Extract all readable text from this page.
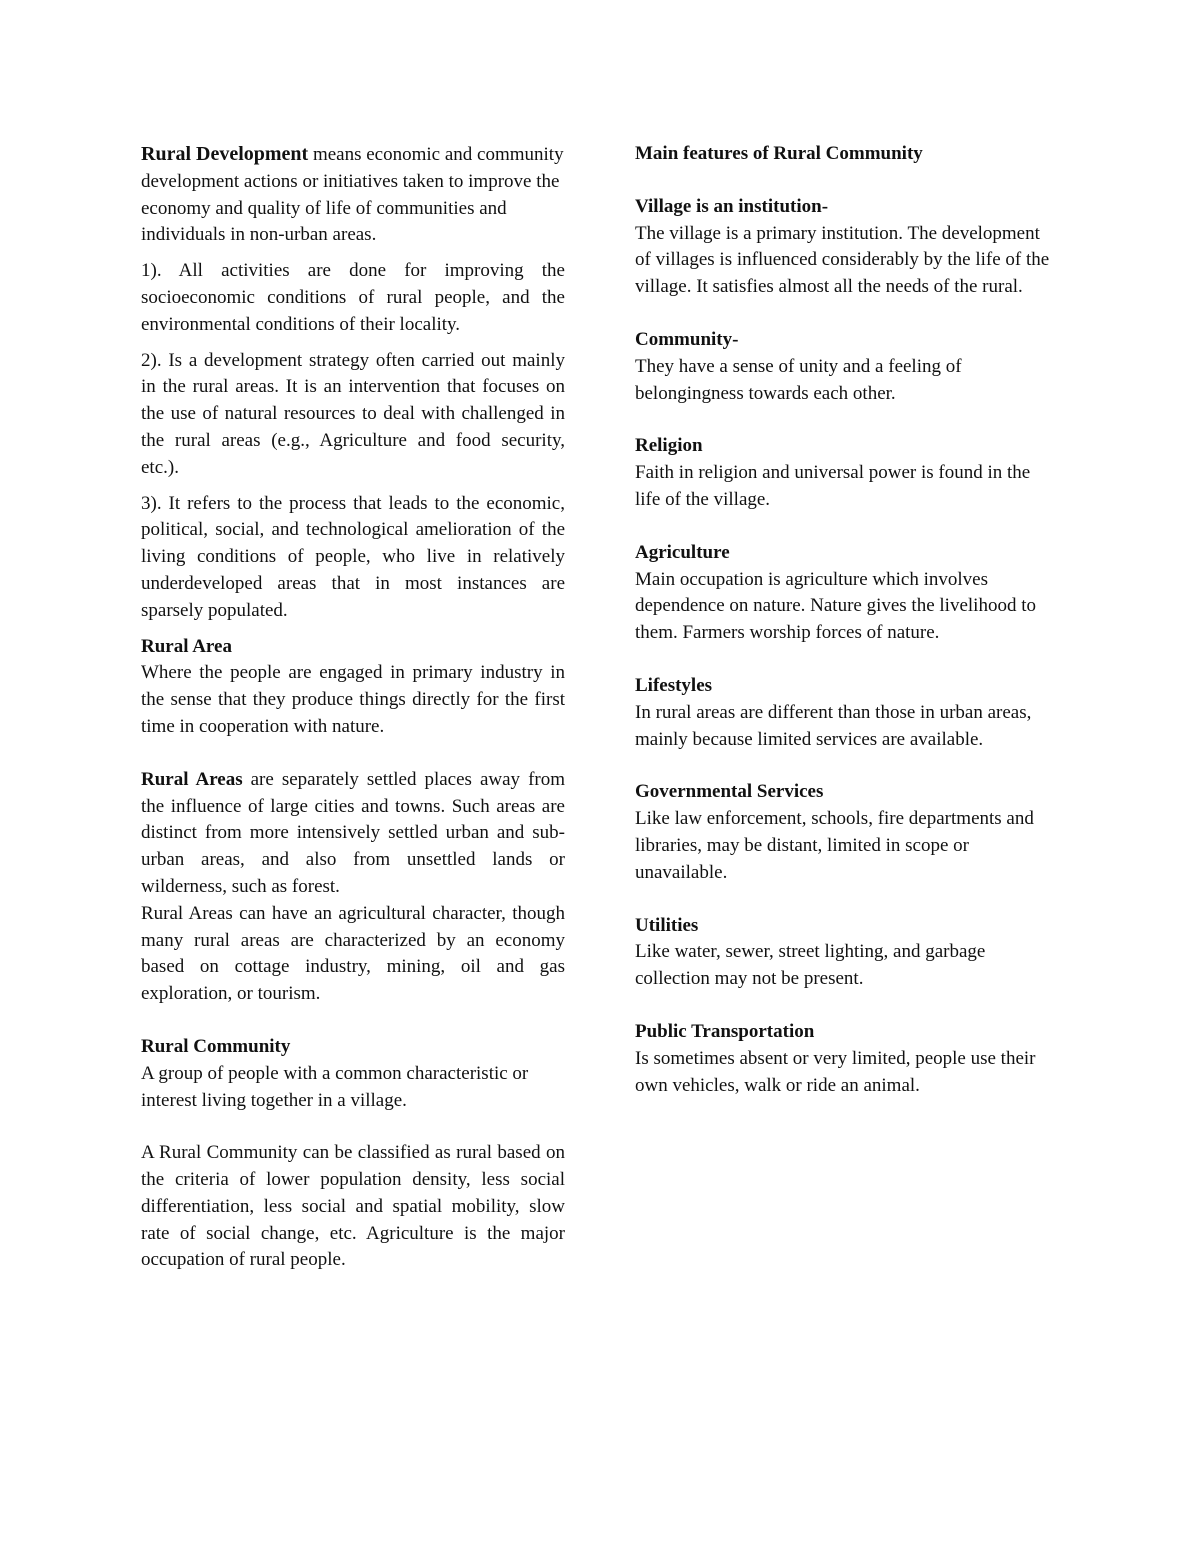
Rural Development means economic and community development actions or initiatives taken to improve the economy and quality of life of communities and individuals in non-urban areas.

1). All activities are done for improving the socioeconomic conditions of rural people, and the environmental conditions of their locality.

2). Is a development strategy often carried out mainly in the rural areas. It is an intervention that focuses on the use of natural resources to deal with challenged in the rural areas (e.g., Agriculture and food security, etc.).

3). It refers to the process that leads to the economic, political, social, and technological amelioration of the living conditions of people, who live in relatively underdeveloped areas that in most instances are sparsely populated.

Rural Area

Where the people are engaged in primary industry in the sense that they produce things directly for the first time in cooperation with nature.

Rural Areas are separately settled places away from the influence of large cities and towns. Such areas are distinct from more intensively settled urban and sub-urban areas, and also from unsettled lands or wilderness, such as forest.

Rural Areas can have an agricultural character, though many rural areas are characterized by an economy based on cottage industry, mining, oil and gas exploration, or tourism.

Rural Community

A group of people with a common characteristic or interest living together in a village.

A Rural Community can be classified as rural based on the criteria of lower population density, less social differentiation, less social and spatial mobility, slow rate of social change, etc. Agriculture is the major occupation of rural people.

Main features of Rural Community

Village is an institution-

The village is a primary institution. The development of villages is influenced considerably by the life of the village. It satisfies almost all the needs of the rural.

Community-

They have a sense of unity and a feeling of belongingness towards each other.

Religion

Faith in religion and universal power is found in the life of the village.

Agriculture

Main occupation is agriculture which involves dependence on nature. Nature gives the livelihood to them. Farmers worship forces of nature.

Lifestyles

In rural areas are different than those in urban areas, mainly because limited services are available.

Governmental Services

Like law enforcement, schools, fire departments and libraries, may be distant, limited in scope or unavailable.

Utilities

Like water, sewer, street lighting, and garbage collection may not be present.

Public Transportation

Is sometimes absent or very limited, people use their own vehicles, walk or ride an animal.
